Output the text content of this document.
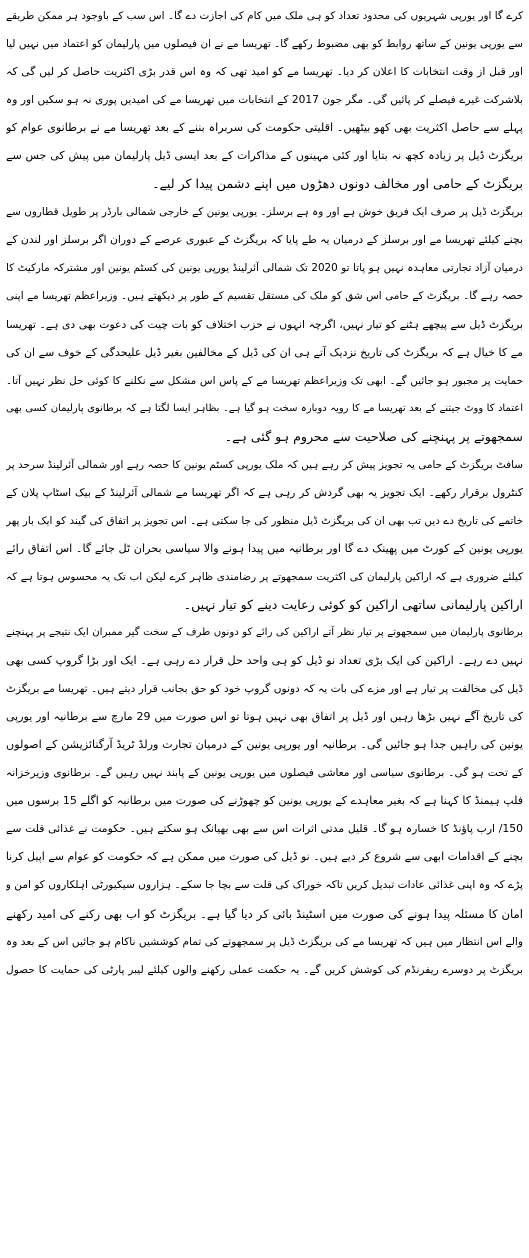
کرے گا اور یورپی شہریوں کی محدود تعداد کو ہی ملک میں کام کی اجازت دے گا۔ اس سب کے باوجود ہر ممکن طریقے
سے یورپی یونین کے ساتھ روابط کو بھی مضبوط رکھے گا۔ تھریسا مے نے ان فیصلوں میں پارلیمان کو اعتماد میں نہیں لیا
اور قبل از وقت انتخابات کا اعلان کر دیا۔ تھریسا مے کو امید تھی کہ وہ اس قدر بڑی اکثریت حاصل کر لیں گی کہ
بلاشرکت غیرے فیصلے کر پائیں گی۔ مگر جون 2017 کے انتخابات میں تھریسا مے کی امیدیں پوری نہ ہو سکیں اور وہ
پہلے سے حاصل اکثریت بھی کھو بیٹھیں۔ اقلیتی حکومت کی سربراہ بننے کے بعد تھریسا مے نے برطانوی عوام کو
بریگزٹ ڈیل پر زیادہ کچھ نہ بتایا اور کئی مہینوں کے مذاکرات کے بعد ایسی ڈیل پارلیمان میں پیش کی جس سے
بریگزٹ کے حامی اور مخالف دونوں دھڑوں میں اپنے دشمن پیدا کر لیے۔
بریگزٹ ڈیل پر صرف ایک فریق خوش ہے اور وہ ہے برسلز۔ یورپی یونین کے خارجی شمالی بارڈر پر طویل قطاروں سے
بچنے کیلئے تھریسا مے اور برسلز کے درمیان یہ طے پایا کہ بریگزٹ کے عبوری عرصے کے دوران اگر برسلز اور لندن کے
درمیان آزاد تجارتی معاہدہ نہیں ہو پاتا تو 2020 تک شمالی آئرلینڈ یورپی یونین کی کسٹم یونین اور مشترکہ مارکیٹ کا
حصہ رہے گا۔ بریگزٹ کے حامی اس شق کو ملک کی مستقل تقسیم کے طور پر دیکھتے ہیں۔ وزیراعظم تھریسا مے اپنی
بریگزٹ ڈیل سے پیچھے ہٹنے کو تیار نہیں، اگرچہ انہوں نے حزب اختلاف کو بات چیت کی دعوت بھی دی ہے۔ تھریسا
مے کا خیال ہے کہ بریگزٹ کی تاریخ نزدیک آتے ہی ان کی ڈیل کے مخالفین بغیر ڈیل علیحدگی کے خوف سے ان کی
حمایت پر مجبور ہو جائیں گے۔ ابھی تک وزیراعظم تھریسا مے کے پاس اس مشکل سے نکلنے کا کوئی حل نظر نہیں آتا۔
اعتماد کا ووٹ جیتنے کے بعد تھریسا مے کا رویہ دوبارہ سخت ہو گیا ہے۔ بظاہر ایسا لگتا ہے کہ برطانوی پارلیمان کسی بھی
سمجھوتے پر پہنچنے کی صلاحیت سے محروم ہو گئی ہے۔
سافٹ بریگزٹ کے حامی یہ تجویز پیش کر رہے ہیں کہ ملک یورپی کسٹم یونین کا حصہ رہے اور شمالی آئرلینڈ سرحد پر
کنٹرول برقرار رکھے۔ ایک تجویز یہ بھی گردش کر رہی ہے کہ اگر تھریسا مے شمالی آئرلینڈ کے بیک اسٹاپ پلان کے
خاتمے کی تاریخ دے دیں تب بھی ان کی بریگزٹ ڈیل منظور کی جا سکتی ہے۔ اس تجویز پر اتفاق کی گیند کو ایک بار پھر
یورپی یونین کے کورٹ میں پھینک دے گا اور برطانیہ میں پیدا ہونے والا سیاسی بحران ٹل جائے گا۔ اس اتفاق رائے
کیلئے ضروری ہے کہ اراکین پارلیمان کی اکثریت سمجھوتے پر رضامندی ظاہر کرے لیکن اب تک یہ محسوس ہوتا ہے کہ
اراکین پارلیمانی ساتھی اراکین کو کوئی رعایت دینے کو تیار نہیں۔
برطانوی پارلیمان میں سمجھوتے پر تیار نظر آتے اراکین کی رائے کو دونوں طرف کے سخت گیر ممبران ایک نتیجے پر پہنچنے
نہیں دے رہے۔ اراکین کی ایک بڑی تعداد نو ڈیل کو ہی واحد حل قرار دے رہی ہے۔ ایک اور بڑا گروپ کسی بھی
ڈیل کی مخالفت پر تیار ہے اور مزے کی بات یہ کہ دونوں گروپ خود کو حق بجانب قرار دیتے ہیں۔ تھریسا مے بریگزٹ
کی تاریخ آگے نہیں بڑھا رہیں اور ڈیل پر اتفاق بھی نہیں ہوتا تو اس صورت میں 29 مارچ سے برطانیہ اور یورپی
یونین کی راہیں جدا ہو جائیں گی۔ برطانیہ اور یورپی یونین کے درمیان تجارت ورلڈ ٹریڈ آرگنائزیشن کے اصولوں
کے تحت ہو گی۔ برطانوی سیاسی اور معاشی فیصلوں میں یورپی یونین کے پابند نہیں رہیں گے۔ برطانوی وزیرخزانہ
فلپ ہیمنڈ کا کہنا ہے کہ بغیر معاہدے کے یورپی یونین کو چھوڑنے کی صورت میں برطانیہ کو اگلے 15 برسوں میں
150/ ارب پاؤنڈ کا خسارہ ہو گا۔ قلیل مدتی اثرات اس سے بھی بھیانک ہو سکتے ہیں۔ حکومت نے غذائی قلت سے
بچنے کے اقدامات ابھی سے شروع کر دیے ہیں۔ نو ڈیل کی صورت میں ممکن ہے کہ حکومت کو عوام سے اپیل کرنا
پڑے کہ وہ اپنی غذائی عادات تبدیل کریں تاکہ خوراک کی قلت سے بچا جا سکے۔ ہزاروں سیکیورٹی اہلکاروں کو امن و
امان کا مسئلہ پیدا ہونے کی صورت میں اسٹینڈ بائی کر دیا گیا ہے۔ بریگزٹ کو اب بھی رکنے کی امید رکھنے
والے اس انتظار میں ہیں کہ تھریسا مے کی بریگزٹ ڈیل پر سمجھوتے کی تمام کوششیں ناکام ہو جائیں اس کے بعد وہ
بریگزٹ پر دوسرے ریفرنڈم کی کوشش کریں گے۔ یہ حکمت عملی رکھنے والوں کیلئے لیبر پارٹی کی حمایت کا حصول
